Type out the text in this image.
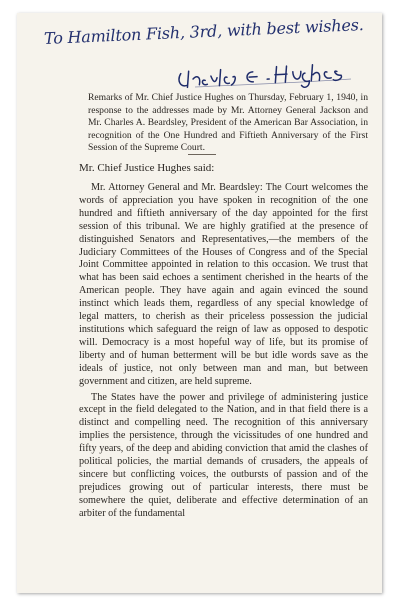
To Hamilton Fish, 3rd, with best wishes.
Remarks of Mr. Chief Justice Hughes on Thursday, February 1, 1940, in response to the addresses made by Mr. Attorney General Jackson and Mr. Charles A. Beardsley, President of the American Bar Association, in recognition of the One Hundred and Fiftieth Anniversary of the First Session of the Supreme Court.
Mr. Chief Justice Hughes said:

Mr. Attorney General and Mr. Beardsley: The Court welcomes the words of appreciation you have spoken in recognition of the one hundred and fiftieth anniversary of the day appointed for the first session of this tribunal. We are highly gratified at the presence of distinguished Senators and Representatives,—the members of the Judiciary Committees of the Houses of Congress and of the Special Joint Committee appointed in relation to this occasion. We trust that what has been said echoes a sentiment cherished in the hearts of the American people. They have again and again evinced the sound instinct which leads them, regardless of any special knowledge of legal matters, to cherish as their priceless possession the judicial institutions which safeguard the reign of law as opposed to despotic will. Democracy is a most hopeful way of life, but its promise of liberty and of human betterment will be but idle words save as the ideals of justice, not only between man and man, but between government and citizen, are held supreme.

The States have the power and privilege of administering justice except in the field delegated to the Nation, and in that field there is a distinct and compelling need. The recognition of this anniversary implies the persistence, through the vicissitudes of one hundred and fifty years, of the deep and abiding conviction that amid the clashes of political policies, the martial demands of crusaders, the appeals of sincere but conflicting voices, the outbursts of passion and of the prejudices growing out of particular interests, there must be somewhere the quiet, deliberate and effective determination of an arbiter of the fundamental
